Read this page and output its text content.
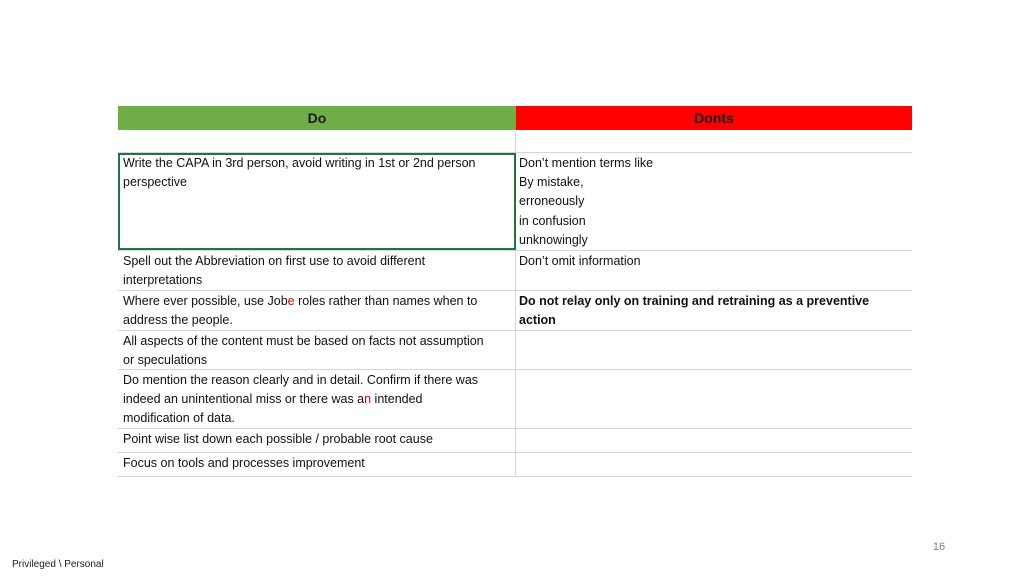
Do	Donts
Write the CAPA in 3rd person, avoid writing in 1st or 2nd person
perspective
Don’t mention terms like
By mistake,
erroneously
in confusion
unknowingly
Spell out the Abbreviation on first use to avoid different
interpretations
Don’t omit information
Where ever possible, use Jobe roles rather than names when to
address the people.
Do not relay only on training and retraining as a preventive
action
All aspects of the content must be based on facts not assumption
or speculations
Do mention the reason clearly and in detail. Confirm if there was
indeed an unintentional miss or there was an intended
modification of data.
Point wise list down each possible / probable root cause
Focus on tools and processes improvement
16
Privileged \ Personal
